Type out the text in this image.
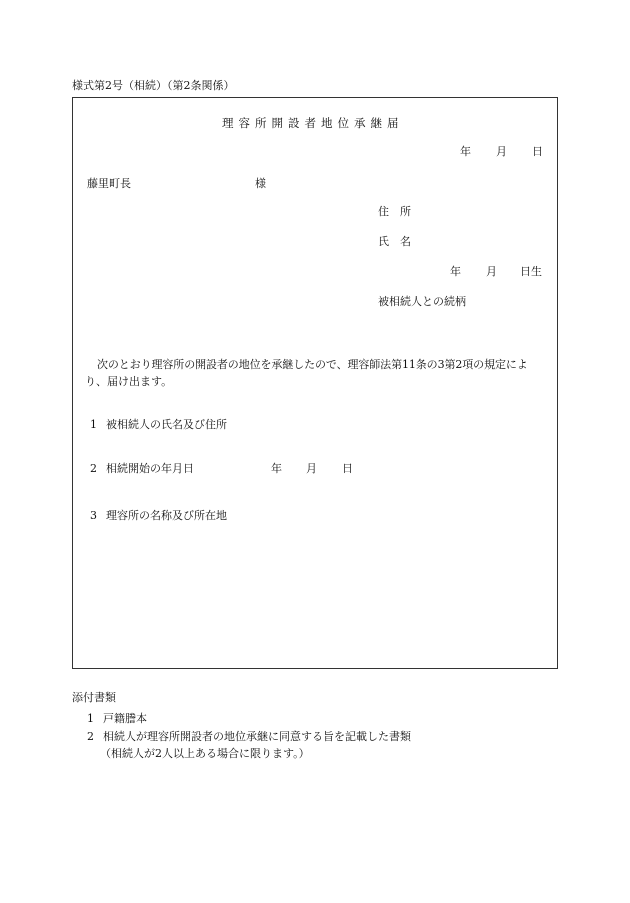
様式第2号（相続）（第2条関係）
理容所開設者地位承継届
年 月 日
藤里町長	様
住　所
氏　名
年 月 日生
被相続人との続柄

次のとおり理容所の開設者の地位を承継したので、理容師法第11条の3第2項の規定によ

り、届け出ます。

1 被相続人の氏名及び住所
2 相続開始の年月日	年 月 日
3 理容所の名称及び所在地
添付書類
1 戸籍謄本
2 相続人が理容所開設者の地位承継に同意する旨を記載した書類
（相続人が2人以上ある場合に限ります。）
